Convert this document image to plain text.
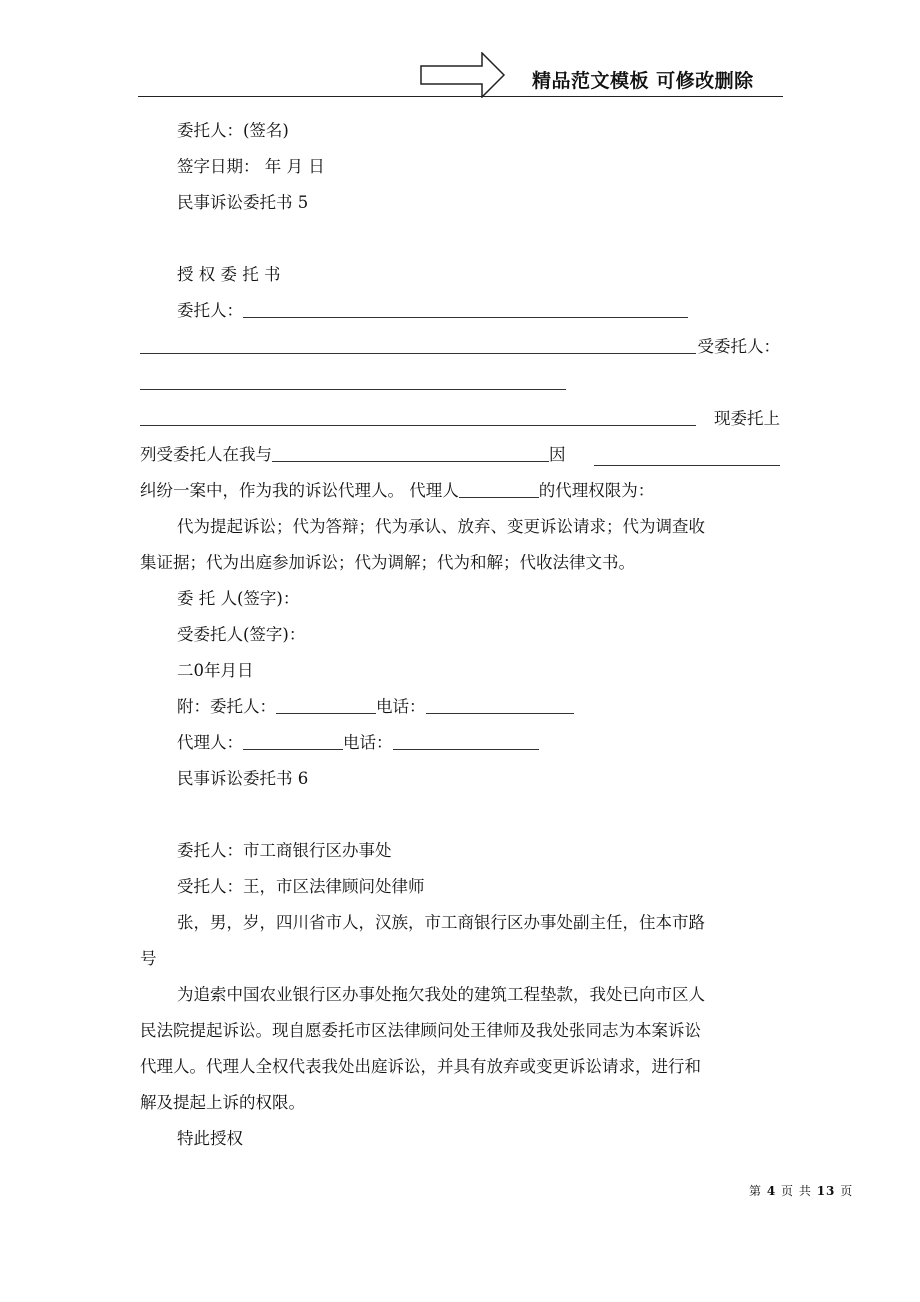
精品范文模板 可修改删除
委托人：(签名)
签字日期： 年 月 日
民事诉讼委托书 5
授 权 委 托 书
委托人：
受委托人：
现委托上
列受委托人在我与	因
纠纷一案中，作为我的诉讼代理人。 代理人	的代理权限为：
代为提起诉讼；代为答辩；代为承认、放弃、变更诉讼请求；代为调查收
集证据；代为出庭参加诉讼；代为调解；代为和解；代收法律文书。
委 托 人(签字)：
受委托人(签字)：
二0年月日
附：委托人：	电话：
代理人：	电话：
民事诉讼委托书 6
委托人：市工商银行区办事处
受托人：王，市区法律顾问处律师
张，男，岁，四川省市人，汉族，市工商银行区办事处副主任，住本市路
号
为追索中国农业银行区办事处拖欠我处的建筑工程垫款，我处已向市区人
民法院提起诉讼。现自愿委托市区法律顾问处王律师及我处张同志为本案诉讼
代理人。代理人全权代表我处出庭诉讼，并具有放弃或变更诉讼请求，进行和
解及提起上诉的权限。
特此授权
第 4 页 共 13 页
